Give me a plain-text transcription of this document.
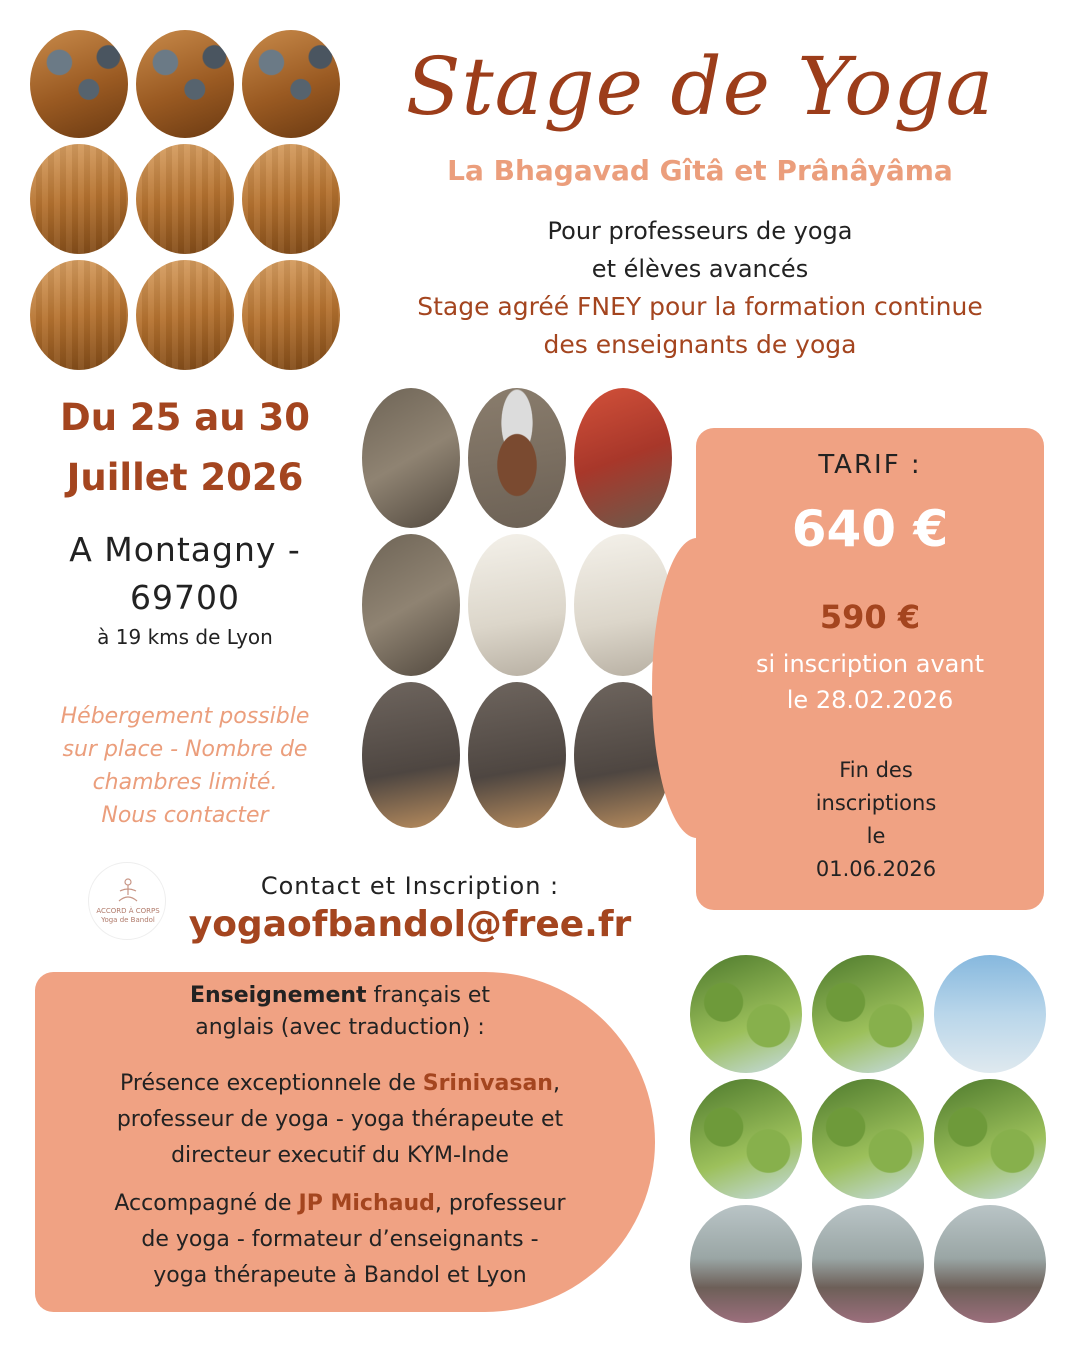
Stage de Yoga
La Bhagavad Gîtâ et Prânâyâma
Pour professeurs de yoga
et élèves avancés
Stage agréé FNEY pour la formation continue
des enseignants de yoga
Du 25 au 30
Juillet 2026
A Montagny -
69700
à 19 kms de Lyon
Hébergement possible
sur place - Nombre de
chambres limité.
Nous contacter
TARIF :
640 €
590 €
si inscription avant
le 28.02.2026
Fin des
inscriptions
le
01.06.2026
ACCORD À CORPS
Yoga de Bandol
Contact et Inscription :
yogaofbandol@free.fr
Enseignement français et
anglais (avec traduction) :
Présence exceptionnele de Srinivasan,
professeur de yoga - yoga thérapeute et
directeur executif du KYM-Inde
Accompagné de JP Michaud, professeur
de yoga - formateur d’enseignants -
yoga thérapeute à Bandol et Lyon
